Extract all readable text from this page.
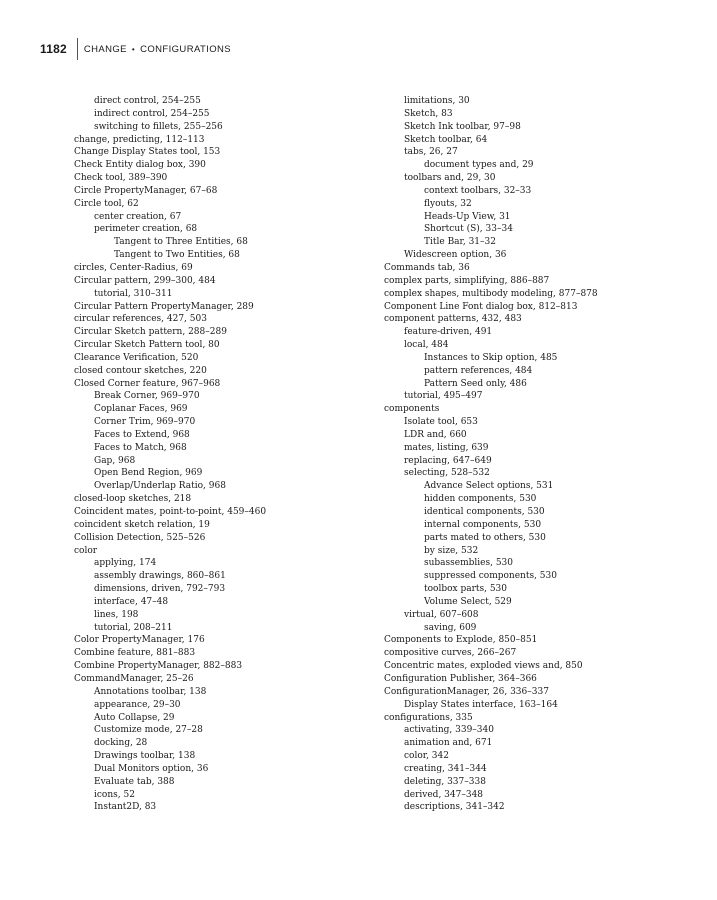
1182	CHANGE • CONFIGURATIONS
direct control, 254–255
indirect control, 254–255
switching to fillets, 255–256
change, predicting, 112–113
Change Display States tool, 153
Check Entity dialog box, 390
Check tool, 389–390
Circle PropertyManager, 67–68
Circle tool, 62
center creation, 67
perimeter creation, 68
Tangent to Three Entities, 68
Tangent to Two Entities, 68
circles, Center-Radius, 69
Circular pattern, 299–300, 484
tutorial, 310–311
Circular Pattern PropertyManager, 289
circular references, 427, 503
Circular Sketch pattern, 288–289
Circular Sketch Pattern tool, 80
Clearance Verification, 520
closed contour sketches, 220
Closed Corner feature, 967–968
Break Corner, 969–970
Coplanar Faces, 969
Corner Trim, 969–970
Faces to Extend, 968
Faces to Match, 968
Gap, 968
Open Bend Region, 969
Overlap/Underlap Ratio, 968
closed-loop sketches, 218
Coincident mates, point-to-point, 459–460
coincident sketch relation, 19
Collision Detection, 525–526
color
applying, 174
assembly drawings, 860–861
dimensions, driven, 792–793
interface, 47–48
lines, 198
tutorial, 208–211
Color PropertyManager, 176
Combine feature, 881–883
Combine PropertyManager, 882–883
CommandManager, 25–26
Annotations toolbar, 138
appearance, 29–30
Auto Collapse, 29
Customize mode, 27–28
docking, 28
Drawings toolbar, 138
Dual Monitors option, 36
Evaluate tab, 388
icons, 52
Instant2D, 83
limitations, 30
Sketch, 83
Sketch Ink toolbar, 97–98
Sketch toolbar, 64
tabs, 26, 27
document types and, 29
toolbars and, 29, 30
context toolbars, 32–33
flyouts, 32
Heads-Up View, 31
Shortcut (S), 33–34
Title Bar, 31–32
Widescreen option, 36
Commands tab, 36
complex parts, simplifying, 886–887
complex shapes, multibody modeling, 877–878
Component Line Font dialog box, 812–813
component patterns, 432, 483
feature-driven, 491
local, 484
Instances to Skip option, 485
pattern references, 484
Pattern Seed only, 486
tutorial, 495–497
components
Isolate tool, 653
LDR and, 660
mates, listing, 639
replacing, 647–649
selecting, 528–532
Advance Select options, 531
hidden components, 530
identical components, 530
internal components, 530
parts mated to others, 530
by size, 532
subassemblies, 530
suppressed components, 530
toolbox parts, 530
Volume Select, 529
virtual, 607–608
saving, 609
Components to Explode, 850–851
compositive curves, 266–267
Concentric mates, exploded views and, 850
Configuration Publisher, 364–366
ConfigurationManager, 26, 336–337
Display States interface, 163–164
configurations, 335
activating, 339–340
animation and, 671
color, 342
creating, 341–344
deleting, 337–338
derived, 347–348
descriptions, 341–342
